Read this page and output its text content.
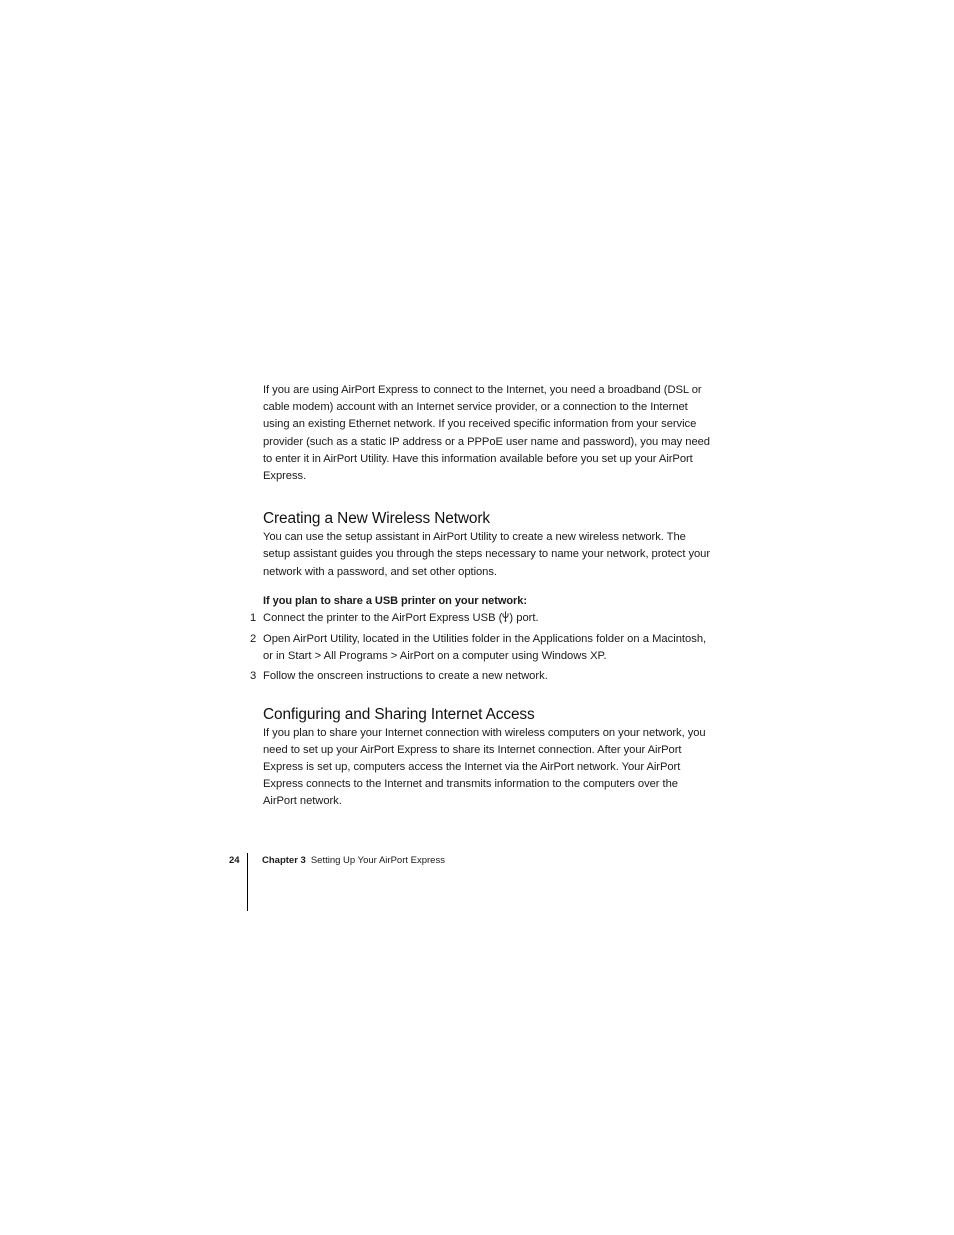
If you are using AirPort Express to connect to the Internet, you need a broadband (DSL or cable modem) account with an Internet service provider, or a connection to the Internet using an existing Ethernet network. If you received specific information from your service provider (such as a static IP address or a PPPoE user name and password), you may need to enter it in AirPort Utility. Have this information available before you set up your AirPort Express.

Creating a New Wireless Network

You can use the setup assistant in AirPort Utility to create a new wireless network. The setup assistant guides you through the steps necessary to name your network, protect your network with a password, and set other options.

If you plan to share a USB printer on your network:

1 Connect the printer to the AirPort Express USB ( ) port.
2 Open AirPort Utility, located in the Utilities folder in the Applications folder on a Macintosh, or in Start > All Programs > AirPort on a computer using Windows XP.
3 Follow the onscreen instructions to create a new network.
Configuring and Sharing Internet Access

If you plan to share your Internet connection with wireless computers on your network, you need to set up your AirPort Express to share its Internet connection. After your AirPort Express is set up, computers access the Internet via the AirPort network. Your AirPort Express connects to the Internet and transmits information to the computers over the AirPort network.

24 Chapter 3 Setting Up Your AirPort Express
